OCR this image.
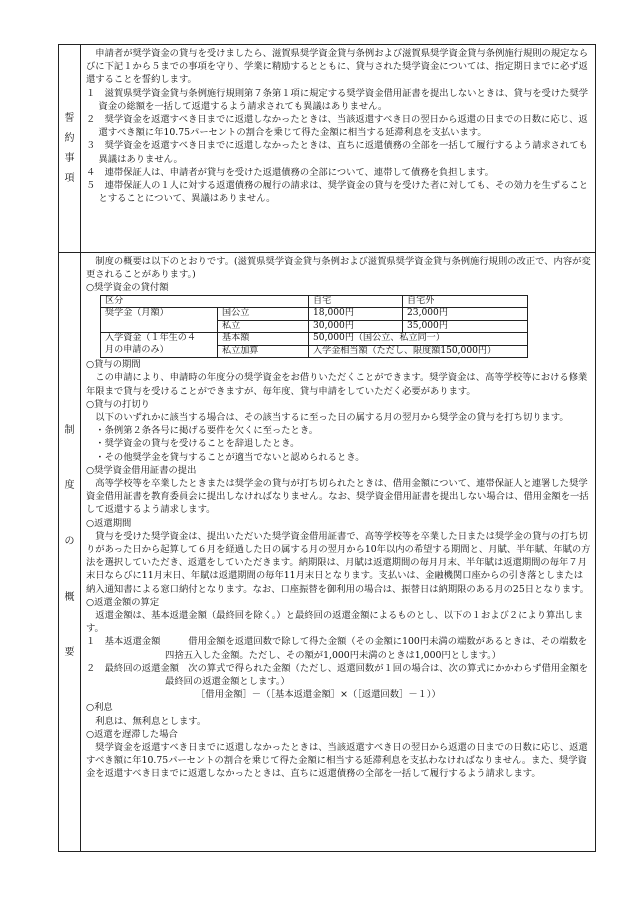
誓
約
事
項

申請者が奨学資金の貸与を受けましたら、滋賀県奨学資金貸与条例および滋賀県奨学資金貸与条例施行規則の規定ならびに下記１から５までの事項を守り、学業に精励するとともに、貸与された奨学資金については、指定期日までに必ず返還することを誓約します。

１　滋賀県奨学資金貸与条例施行規則第７条第１項に規定する奨学資金借用証書を提出しないときは、貸与を受けた奨学資金の総額を一括して返還するよう請求されても異議はありません。

２　奨学資金を返還すべき日までに返還しなかったときは、当該返還すべき日の翌日から返還の日までの日数に応じ、返還すべき額に年10.75パーセントの割合を乗じて得た金額に相当する延滞利息を支払います。

３　奨学資金を返還すべき日までに返還しなかったときは、直ちに返還債務の全部を一括して履行するよう請求されても異議はありません。

４　連帯保証人は、申請者が貸与を受けた返還債務の全部について、連帯して債務を負担します。

５　連帯保証人の１人に対する返還債務の履行の請求は、奨学資金の貸与を受けた者に対しても、その効力を生ずることとすることについて、異議はありません。

制
度
の
概
要

制度の概要は以下のとおりです。(滋賀県奨学資金貸与条例および滋賀県奨学資金貸与条例施行規則の改正で、内容が変更されることがあります。)

○奨学資金の貸付額

区分		自宅	自宅外
奨学金（月額）	国公立	18,000円	23,000円
	私立	30,000円	35,000円
入学資金（１年生の４
月の申請のみ）	基本額	50,000円（国公立、私立同一）	
	私立加算	入学金相当額（ただし、限度額150,000円）	

○貸与の期間

この申請により、申請時の年度分の奨学資金をお借りいただくことができます。奨学資金は、高等学校等における修業年限まで貸与を受けることができますが、毎年度、貸与申請をしていただく必要があります。

○貸与の打切り

以下のいずれかに該当する場合は、その該当するに至った日の属する月の翌月から奨学金の貸与を打ち切ります。

・条例第２条各号に掲げる要件を欠くに至ったとき。

・奨学資金の貸与を受けることを辞退したとき。

・その他奨学金を貸与することが適当でないと認められるとき。

○奨学資金借用証書の提出

高等学校等を卒業したときまたは奨学金の貸与が打ち切られたときは、借用金額について、連帯保証人と連署した奨学資金借用証書を教育委員会に提出しなければなりません。なお、奨学資金借用証書を提出しない場合は、借用金額を一括して返還するよう請求します。

○返還期間

貸与を受けた奨学資金は、提出いただいた奨学資金借用証書で、高等学校等を卒業した日または奨学金の貸与の打ち切りがあった日から起算して６月を経過した日の属する月の翌月から10年以内の希望する期間と、月賦、半年賦、年賦の方法を選択していただき、返還をしていただきます。納期限は、月賦は返還期間の毎月月末、半年賦は返還期間の毎年７月末日ならびに11月末日、年賦は返還期間の毎年11月末日となります。支払いは、金融機関口座からの引き落としまたは納入通知書による窓口納付となります。なお、口座振替を御利用の場合は、振替日は納期限のある月の25日となります。

○返還金額の算定

返還金額は、基本返還金額（最終回を除く。）と最終回の返還金額によるものとし、以下の１および２により算出します。

１　基本返還金額　　　借用金額を返還回数で除して得た金額（その金額に100円未満の端数があるときは、その端数を四捨五入した金額。ただし、その額が1,000円未満のときは1,000円とします。）

２　最終回の返還金額　次の算式で得られた金額（ただし、返還回数が１回の場合は、次の算式にかかわらず借用金額を最終回の返還金額とします。）

［借用金額］－（［基本返還金額］×（［返還回数］－１））

○利息

利息は、無利息とします。

○返還を遅滞した場合

奨学資金を返還すべき日までに返還しなかったときは、当該返還すべき日の翌日から返還の日までの日数に応じ、返還すべき額に年10.75パーセントの割合を乗じて得た金額に相当する延滞利息を支払わなければなりません。また、奨学資金を返還すべき日までに返還しなかったときは、直ちに返還債務の全部を一括して履行するよう請求します。
